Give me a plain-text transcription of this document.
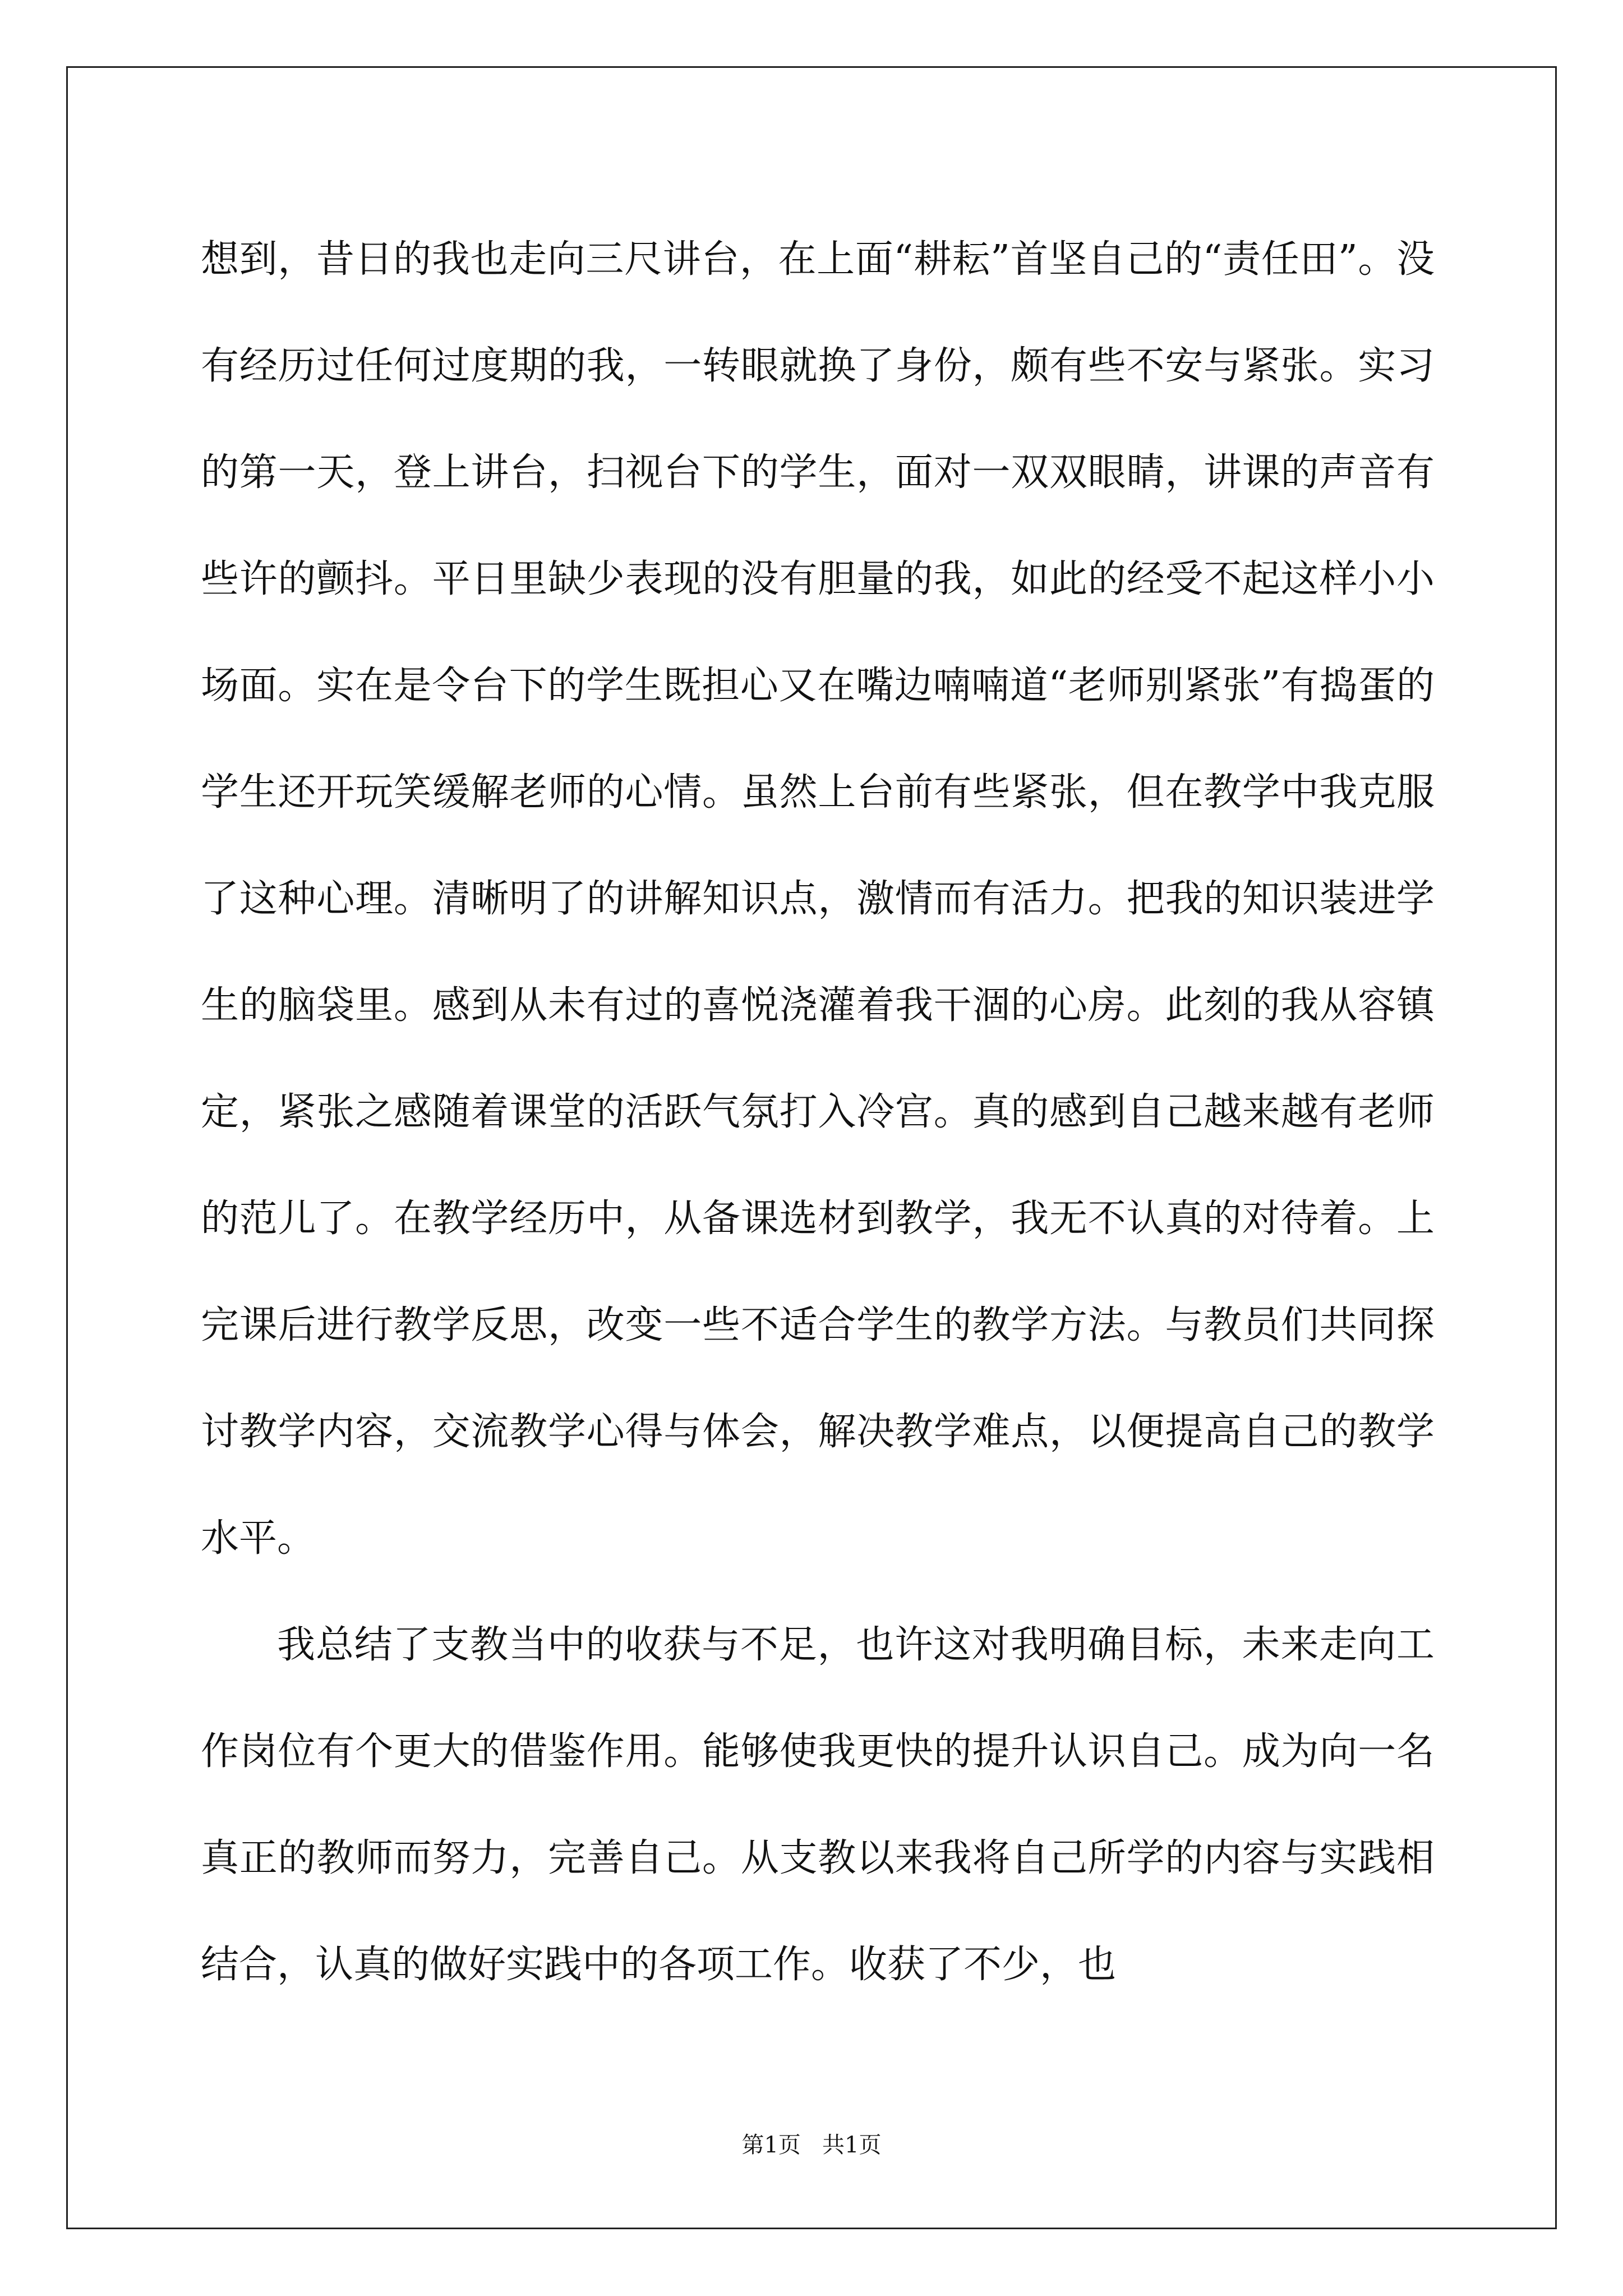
想到，昔日的我也走向三尺讲台，在上面“耕耘”首坚自己的“责任田”。没有经历过任何过度期的我，一转眼就换了身份，颇有些不安与紧张。实习的第一天，登上讲台，扫视台下的学生，面对一双双眼睛，讲课的声音有些许的颤抖。平日里缺少表现的没有胆量的我，如此的经受不起这样小小场面。实在是令台下的学生既担心又在嘴边喃喃道“老师别紧张”有捣蛋的学生还开玩笑缓解老师的心情。虽然上台前有些紧张，但在教学中我克服了这种心理。清晰明了的讲解知识点，激情而有活力。把我的知识装进学生的脑袋里。感到从未有过的喜悦浇灌着我干涸的心房。此刻的我从容镇定，紧张之感随着课堂的活跃气氛打入冷宫。真的感到自己越来越有老师的范儿了。在教学经历中，从备课选材到教学，我无不认真的对待着。上完课后进行教学反思，改变一些不适合学生的教学方法。与教员们共同探讨教学内容，交流教学心得与体会，解决教学难点，以便提高自己的教学水平。

我总结了支教当中的收获与不足，也许这对我明确目标，未来走向工作岗位有个更大的借鉴作用。能够使我更快的提升认识自己。成为向一名真正的教师而努力，完善自己。从支教以来我将自己所学的内容与实践相结合，认真的做好实践中的各项工作。收获了不少，也

第1页   共1页
